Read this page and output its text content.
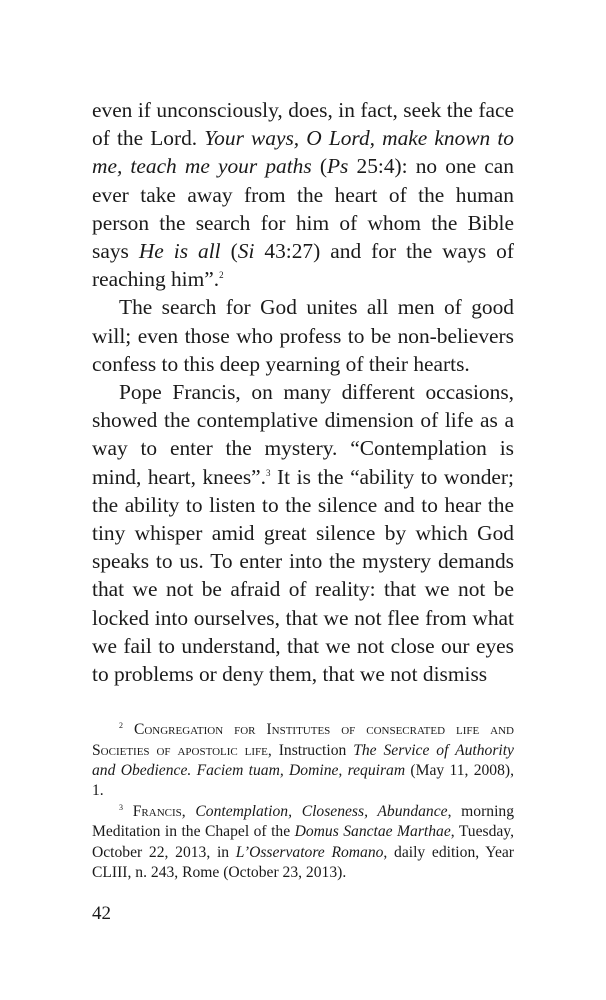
even if unconsciously, does, in fact, seek the face of the Lord. Your ways, O Lord, make known to me, teach me your paths (Ps 25:4): no one can ever take away from the heart of the human person the search for him of whom the Bible says He is all (Si 43:27) and for the ways of reaching him”.$^2$

The search for God unites all men of good will; even those who profess to be non-believers confess to this deep yearning of their hearts.

Pope Francis, on many different occasions, showed the contemplative dimension of life as a way to enter the mystery. “Contemplation is mind, heart, knees”.$^3$ It is the “ability to wonder; the ability to listen to the silence and to hear the tiny whisper amid great silence by which God speaks to us. To enter into the mystery demands that we not be afraid of reality: that we not be locked into ourselves, that we not flee from what we fail to understand, that we not close our eyes to problems or deny them, that we not dismiss

$^2$ Congregation for Institutes of consecrated life and Societies of apostolic life, Instruction The Service of Authority and Obedience. Faciem tuam, Domine, requiram (May 11, 2008), 1.

$^3$ Francis, Contemplation, Closeness, Abundance, morning Meditation in the Chapel of the Domus Sanctae Marthae, Tuesday, October 22, 2013, in L’Osservatore Romano, daily edition, Year CLIII, n. 243, Rome (October 23, 2013).

42
